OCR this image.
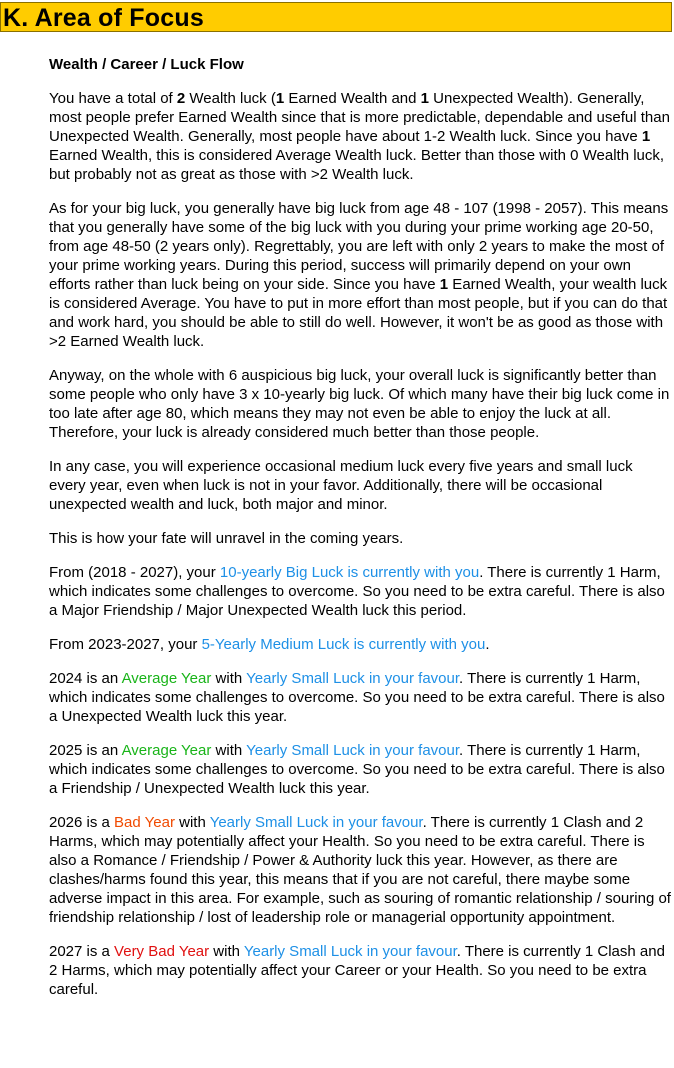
K. Area of Focus
Wealth / Career / Luck Flow

You have a total of 2 Wealth luck (1 Earned Wealth and 1 Unexpected Wealth). Generally, most people prefer Earned Wealth since that is more predictable, dependable and useful than Unexpected Wealth. Generally, most people have about 1-2 Wealth luck. Since you have 1 Earned Wealth, this is considered Average Wealth luck. Better than those with 0 Wealth luck, but probably not as great as those with >2 Wealth luck.

As for your big luck, you generally have big luck from age 48 - 107 (1998 - 2057). This means that you generally have some of the big luck with you during your prime working age 20-50, from age 48-50 (2 years only). Regrettably, you are left with only 2 years to make the most of your prime working years. During this period, success will primarily depend on your own efforts rather than luck being on your side. Since you have 1 Earned Wealth, your wealth luck is considered Average. You have to put in more effort than most people, but if you can do that and work hard, you should be able to still do well. However, it won't be as good as those with >2 Earned Wealth luck.

Anyway, on the whole with 6 auspicious big luck, your overall luck is significantly better than some people who only have 3 x 10-yearly big luck. Of which many have their big luck come in too late after age 80, which means they may not even be able to enjoy the luck at all. Therefore, your luck is already considered much better than those people.

In any case, you will experience occasional medium luck every five years and small luck every year, even when luck is not in your favor. Additionally, there will be occasional unexpected wealth and luck, both major and minor.

This is how your fate will unravel in the coming years.

From (2018 - 2027), your 10-yearly Big Luck is currently with you. There is currently 1 Harm, which indicates some challenges to overcome. So you need to be extra careful. There is also a Major Friendship / Major Unexpected Wealth luck this period.

From 2023-2027, your 5-Yearly Medium Luck is currently with you.

2024 is an Average Year with Yearly Small Luck in your favour. There is currently 1 Harm, which indicates some challenges to overcome. So you need to be extra careful. There is also a Unexpected Wealth luck this year.

2025 is an Average Year with Yearly Small Luck in your favour. There is currently 1 Harm, which indicates some challenges to overcome. So you need to be extra careful. There is also a Friendship / Unexpected Wealth luck this year.

2026 is a Bad Year with Yearly Small Luck in your favour. There is currently 1 Clash and 2 Harms, which may potentially affect your Health. So you need to be extra careful. There is also a Romance / Friendship / Power & Authority luck this year. However, as there are clashes/harms found this year, this means that if you are not careful, there maybe some adverse impact in this area. For example, such as souring of romantic relationship / souring of friendship relationship / lost of leadership role or managerial opportunity appointment.

2027 is a Very Bad Year with Yearly Small Luck in your favour. There is currently 1 Clash and 2 Harms, which may potentially affect your Career or your Health. So you need to be extra careful.
